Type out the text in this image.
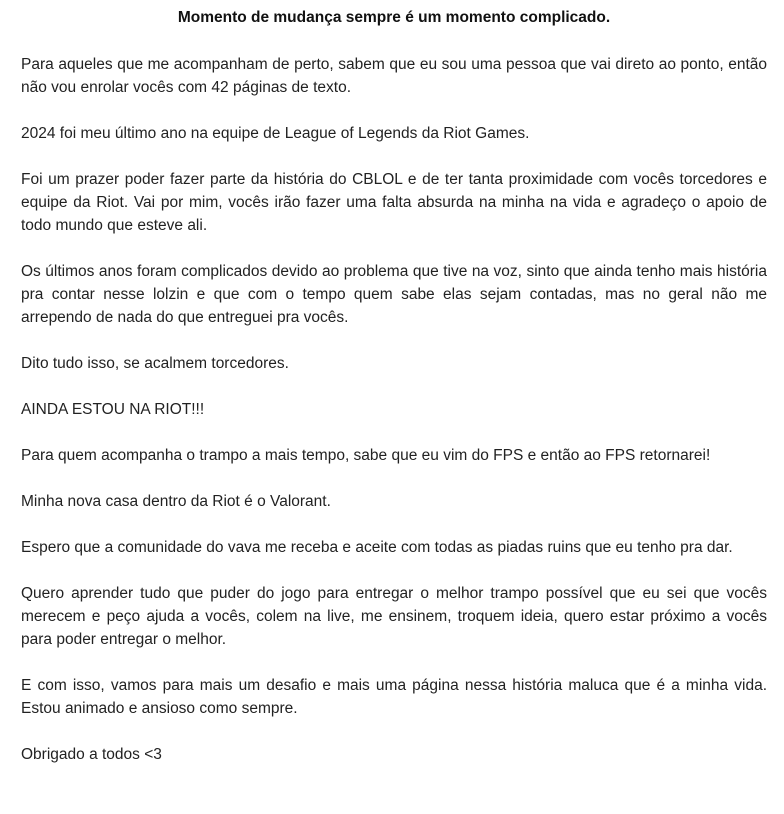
Momento de mudança sempre é um momento complicado.

Para aqueles que me acompanham de perto, sabem que eu sou uma pessoa que vai direto ao ponto, então não vou enrolar vocês com 42 páginas de texto.

2024 foi meu último ano na equipe de League of Legends da Riot Games.

Foi um prazer poder fazer parte da história do CBLOL e de ter tanta proximidade com vocês torcedores e equipe da Riot. Vai por mim, vocês irão fazer uma falta absurda na minha na vida e agradeço o apoio de todo mundo que esteve ali.

Os últimos anos foram complicados devido ao problema que tive na voz, sinto que ainda tenho mais história pra contar nesse lolzin e que com o tempo quem sabe elas sejam contadas, mas no geral não me arrependo de nada do que entreguei pra vocês.

Dito tudo isso, se acalmem torcedores.

AINDA ESTOU NA RIOT!!!

Para quem acompanha o trampo a mais tempo, sabe que eu vim do FPS e então ao FPS retornarei!

Minha nova casa dentro da Riot é o Valorant.

Espero que a comunidade do vava me receba e aceite com todas as piadas ruins que eu tenho pra dar.

Quero aprender tudo que puder do jogo para entregar o melhor trampo possível que eu sei que vocês merecem e peço ajuda a vocês, colem na live, me ensinem, troquem ideia, quero estar próximo a vocês para poder entregar o melhor.

E com isso, vamos para mais um desafio e mais uma página nessa história maluca que é a minha vida. Estou animado e ansioso como sempre.

Obrigado a todos <3
